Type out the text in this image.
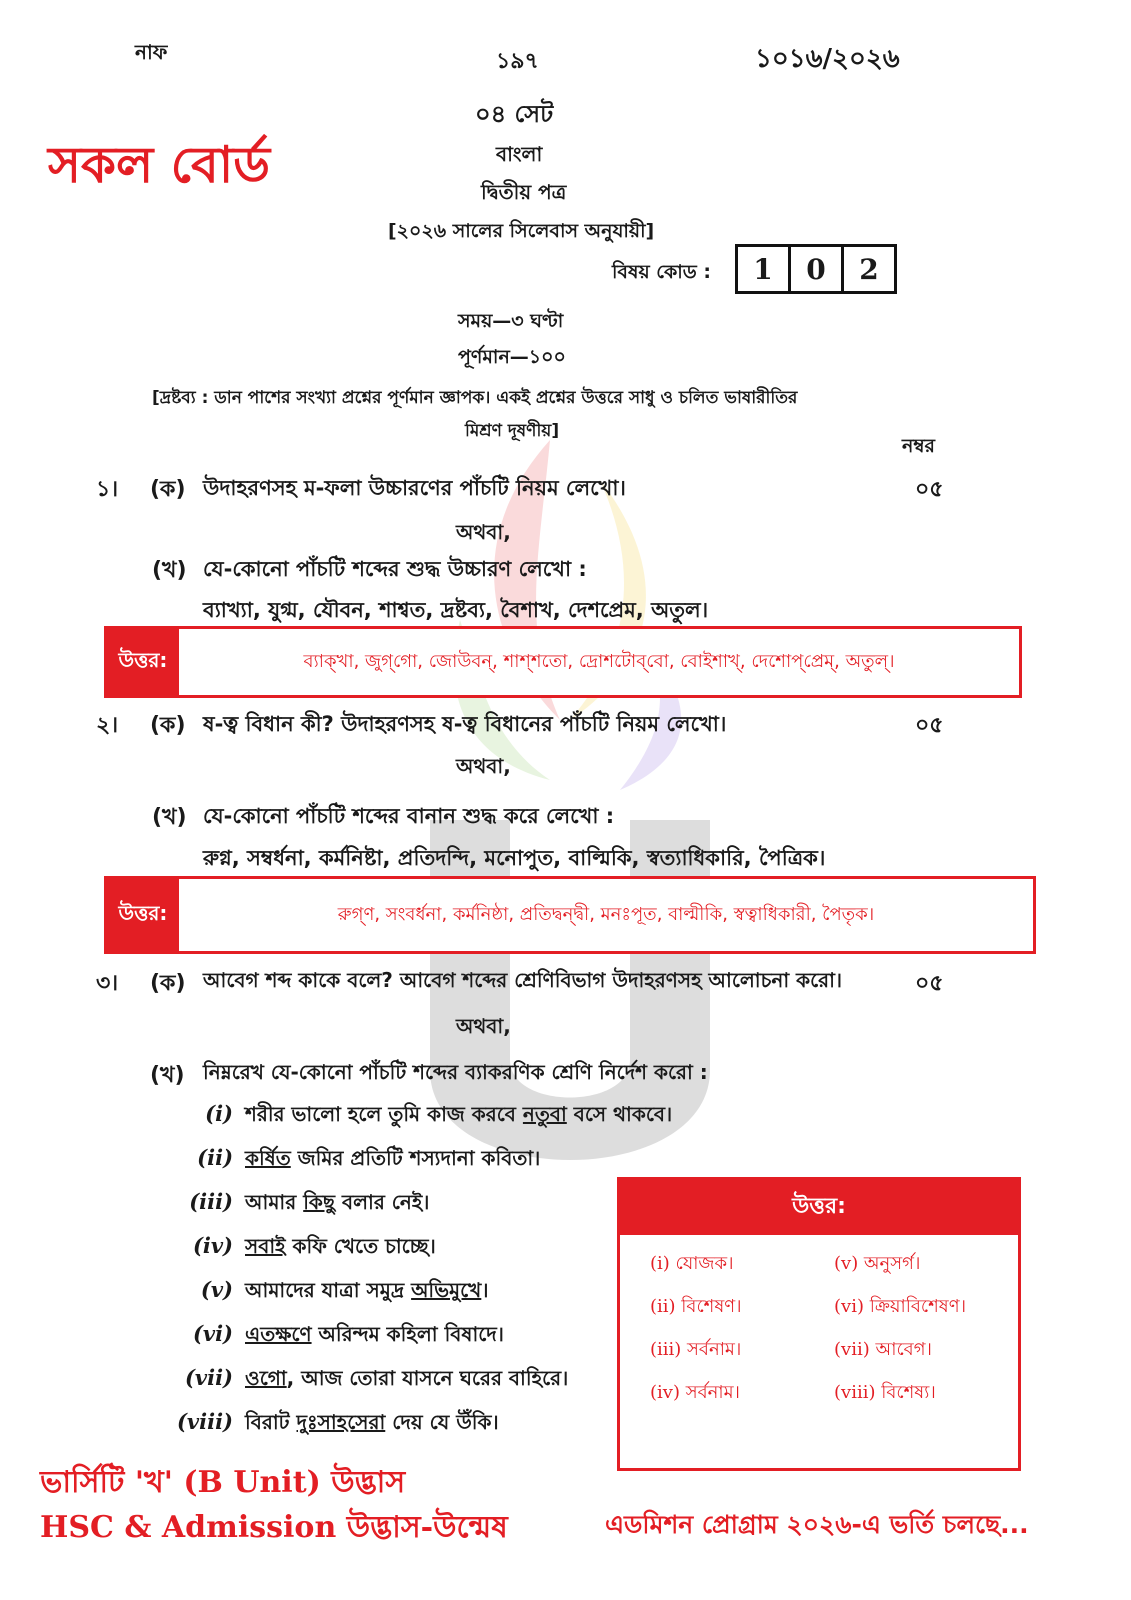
নাফ	১৯৭	১০১৬/২০২৬
০৪ সেট
সকল বোর্ড	বাংলা
দ্বিতীয় পত্র
[২০২৬ সালের সিলেবাস অনুযায়ী]
বিষয় কোড :	1	0	2
সময়—৩ ঘণ্টা
পূর্ণমান—১০০
[দ্রষ্টব্য : ডান পাশের সংখ্যা প্রশ্নের পূর্ণমান জ্ঞাপক। একই প্রশ্নের উত্তরে সাধু ও চলিত ভাষারীতির
মিশ্রণ দূষণীয়]
নম্বর
১। (ক) উদাহরণসহ ম-ফলা উচ্চারণের পাঁচটি নিয়ম লেখো।	০৫
অথবা,
(খ) যে-কোনো পাঁচটি শব্দের শুদ্ধ উচ্চারণ লেখো :
ব্যাখ্যা, যুগ্ম, যৌবন, শাশ্বত, দ্রষ্টব্য, বৈশাখ, দেশপ্রেম, অতুল।
উত্তর:	ব্যাক্‌খা, জুগ্‌গো, জোউবন্, শাশ্‌শতো, দ্রোশটোব্‌বো, বোইশাখ্, দেশোপ্‌প্রেম্, অতুল্।
২। (ক) ষ-ত্ব বিধান কী? উদাহরণসহ ষ-ত্ব বিধানের পাঁচটি নিয়ম লেখো।	০৫
অথবা,
(খ) যে-কোনো পাঁচটি শব্দের বানান শুদ্ধ করে লেখো :
রুগ্ন, সম্বর্ধনা, কর্মনিষ্টা, প্রতিদন্দি, মনোপুত, বাল্মিকি, স্বত্যাধিকারি, পৈত্রিক।
উত্তর:	রুগ্‌ণ, সংবর্ধনা, কর্মনিষ্ঠা, প্রতিদ্বন্দ্বী, মনঃপূত, বাল্মীকি, স্বত্বাধিকারী, পৈতৃক।
৩। (ক) আবেগ শব্দ কাকে বলে? আবেগ শব্দের শ্রেণিবিভাগ উদাহরণসহ আলোচনা করো।	০৫
অথবা,
(খ) নিম্নরেখ যে-কোনো পাঁচটি শব্দের ব্যাকরণিক শ্রেণি নির্দেশ করো :
(i) শরীর ভালো হলে তুমি কাজ করবে নতুবা বসে থাকবে।
(ii) কর্ষিত জমির প্রতিটি শস্যদানা কবিতা।
(iii) আমার কিছু বলার নেই।
(iv) সবাই কফি খেতে চাচ্ছে।
(v) আমাদের যাত্রা সমুদ্র অভিমুখে।
(vi) এতক্ষণে অরিন্দম কহিলা বিষাদে।
(vii) ওগো, আজ তোরা যাসনে ঘরের বাহিরে।
(viii) বিরাট দুঃসাহসেরা দেয় যে উঁকি।
উত্তর:
(i) যোজক।	(v) অনুসর্গ।
(ii) বিশেষণ।	(vi) ক্রিয়াবিশেষণ।
(iii) সর্বনাম।	(vii) আবেগ।
(iv) সর্বনাম।	(viii) বিশেষ্য।
ভার্সিটি 'খ' (B Unit) উদ্ভাস
HSC & Admission উদ্ভাস-উন্মেষ	এডমিশন প্রোগ্রাম ২০২৬-এ ভর্তি চলছে...
